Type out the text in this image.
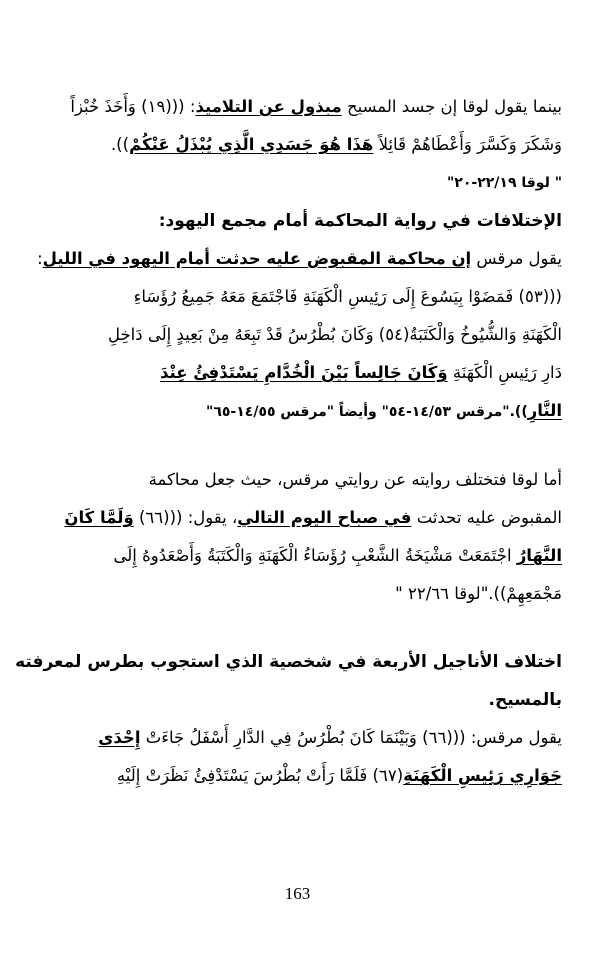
بينما يقول لوقا إن جسد المسيح مبذول عن التلاميذ: (((١٩) وَأَخَذَ خُبْزاً
وَشَكَرَ وَكَسَّرَ وَأَعْطَاهُمْ قَائِلاً هَذَا هُوَ جَسَدِي الَّذِي يُبْذَلُ عَنْكُمْ)).
" لوقا ٢٢/١٩-٢٠"
الإختلافات في رواية المحاكمة أمام مجمع اليهود:
يقول مرقس إن محاكمة المقبوض عليه حدثت أمام اليهود في الليل:
(((٥٣) فَمَضَوْا بِيَسُوعَ إِلَى رَئِيسِ الْكَهَنَةِ فَاجْتَمَعَ مَعَهُ جَمِيعُ رُؤَسَاءِ
الْكَهَنَةِ وَالشُّيُوخُ وَالْكَتَبَةُ(٥٤) وَكَانَ بُطْرُسُ قَدْ تَبِعَهُ مِنْ بَعِيدٍ إِلَى دَاخِلِ
دَارِ رَئِيسِ الْكَهَنَةِ وَكَانَ جَالِساً بَيْنَ الْخُدَّامِ يَسْتَدْفِئُ عِنْدَ
النَّارِ))."مرقس ١٤/٥٣-٥٤" وأيضاً "مرقس ١٤/٥٥-٦٥"
أما لوقا فتختلف روايته عن روايتي مرقس، حيث جعل محاكمة
المقبوض عليه تحدثت في صباح اليوم التالي، يقول: (((٦٦) وَلَمَّا كَانَ
النَّهَارُ اجْتَمَعَتْ مَشْيَخَةُ الشَّعْبِ رُؤَسَاءُ الْكَهَنَةِ وَالْكَتَبَةُ وَأَصْعَدُوهُ إِلَى
مَجْمَعِهِمْ))."لوقا ٢٢/٦٦ "
اختلاف الأناجيل الأربعة في شخصية الذي استجوب بطرس لمعرفته
بالمسيح.
يقول مرقس: (((٦٦) وَبَيْنَمَا كَانَ بُطْرُسُ فِي الدَّارِ أَسْفَلُ جَاءَتْ إِحْدَى
جَوَارِي رَئِيسِ الْكَهَنَةِ(٦٧) فَلَمَّا رَأَتْ بُطْرُسَ يَسْتَدْفِئُ نَظَرَتْ إِلَيْهِ
163
